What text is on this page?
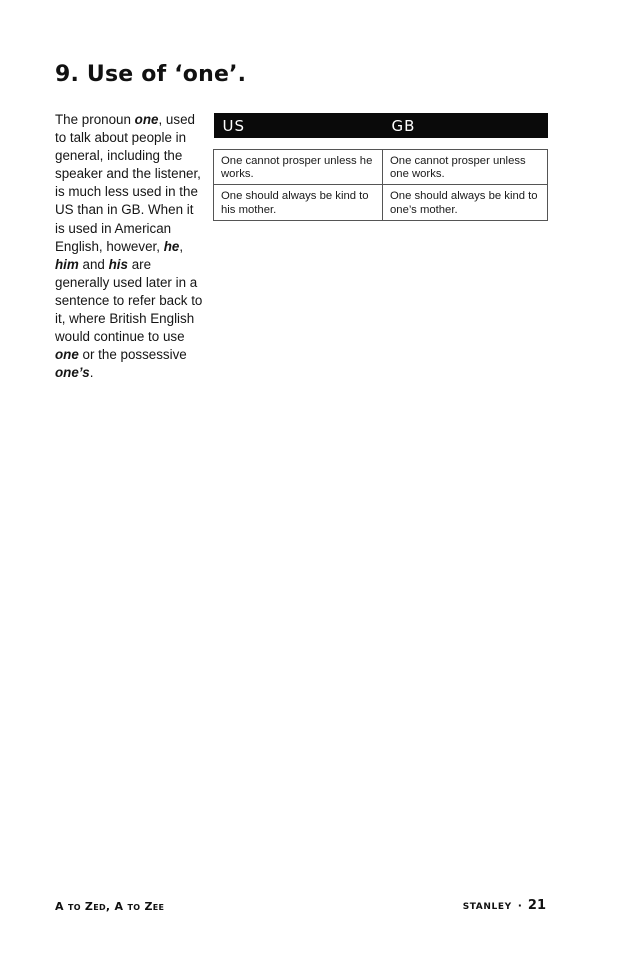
9. Use of ‘one’.

The pronoun one, used to talk about people in general, including the speaker and the listener, is much less used in the US than in GB. When it is used in American English, however, he, him and his are generally used later in a sentence to refer back to it, where British English would continue to use one or the possessive one’s.

US	GB

One cannot prosper unless he works.	One cannot prosper unless one works.
One should always be kind to his mother.	One should always be kind to one’s mother.
A to Zed, A to Zee	STANLEY · 21
